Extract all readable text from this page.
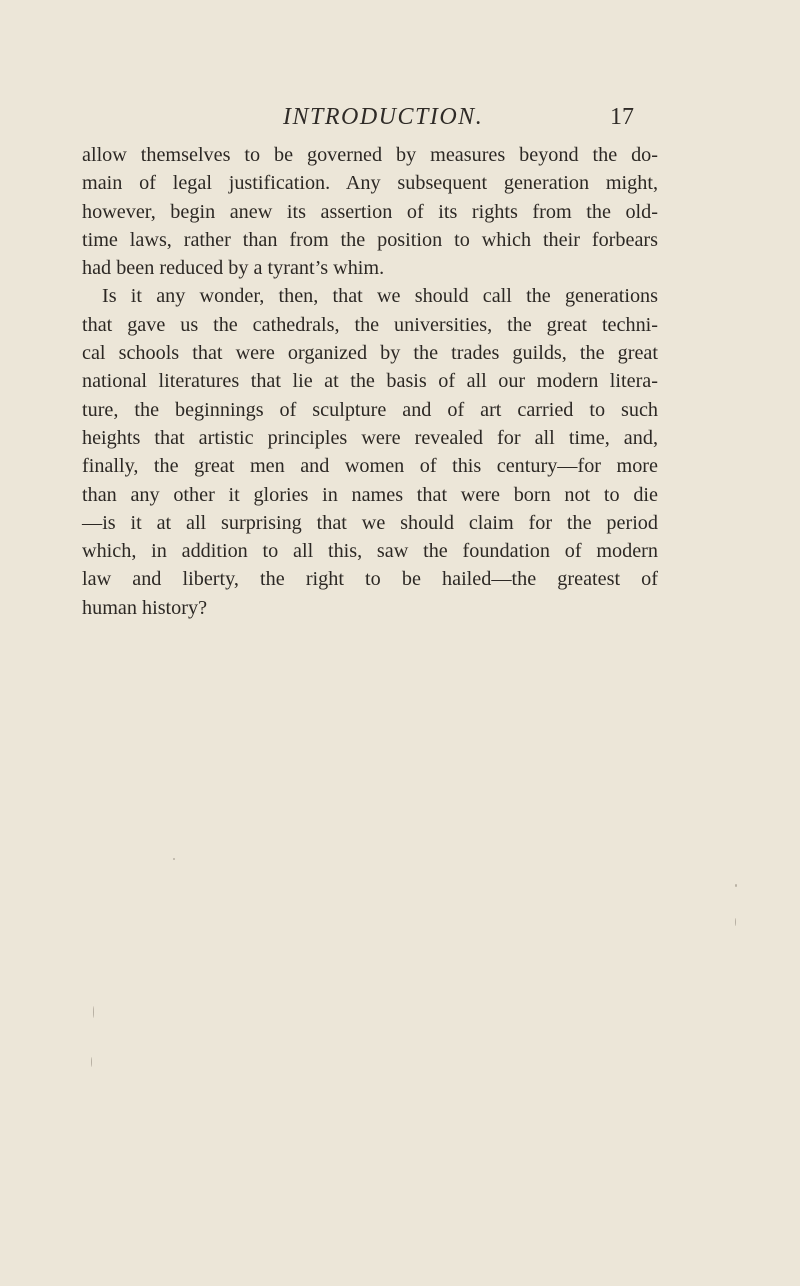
INTRODUCTION.	17
allow themselves to be governed by measures beyond the do-
main of legal justification. Any subsequent generation might,
however, begin anew its assertion of its rights from the old-
time laws, rather than from the position to which their forbears
had been reduced by a tyrant’s whim.
Is it any wonder, then, that we should call the generations
that gave us the cathedrals, the universities, the great techni-
cal schools that were organized by the trades guilds, the great
national literatures that lie at the basis of all our modern litera-
ture, the beginnings of sculpture and of art carried to such
heights that artistic principles were revealed for all time, and,
finally, the great men and women of this century—for more
than any other it glories in names that were born not to die
—is it at all surprising that we should claim for the period
which, in addition to all this, saw the foundation of modern
law and liberty, the right to be hailed—the greatest of
human history?
